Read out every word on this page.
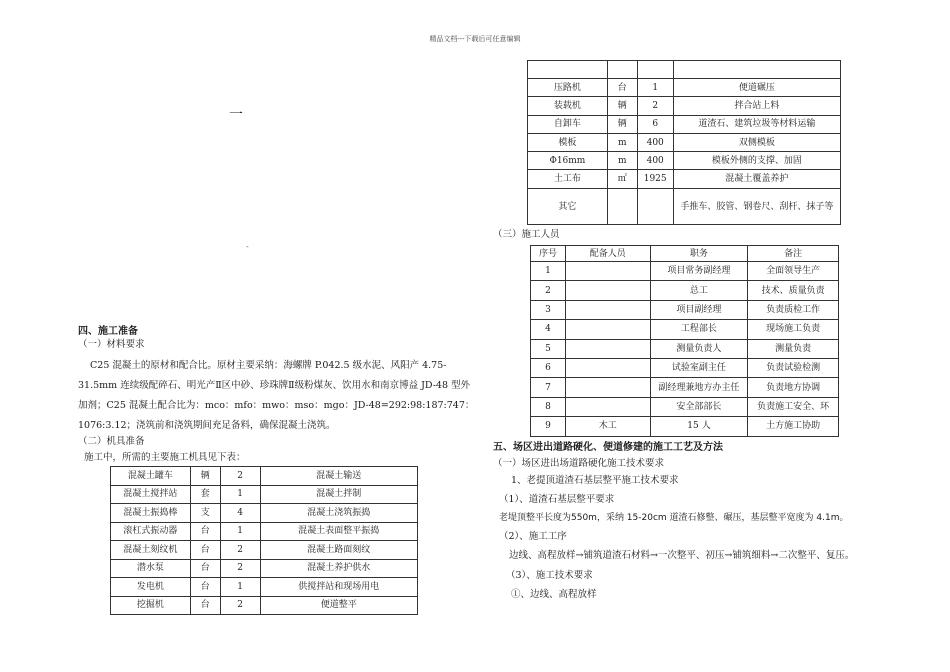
精品文档---下载后可任意编辑
一
-
四、施工准备
（一）材料要求
C25 混凝土的原材和配合比。原材主要采纳：海螺牌 P.042.5 级水泥、风阳产 4.75-
31.5mm 连续级配碎石、明光产Ⅱ区中砂、珍珠牌Ⅱ级粉煤灰、饮用水和南京博益 JD-48 型外
加剂；C25 混凝土配合比为：mco：mfo：mwo：mso：mgo：JD-48=292:98:187:747：
1076:3.12；浇筑前和浇筑期间充足备料，确保混凝土浇筑。
（二）机具准备
施工中，所需的主要施工机具见下表：
混凝土罐车	辆	2	混凝土输送
混凝土搅拌站	套	1	混凝土拌制
混凝土振捣棒	支	4	混凝土浇筑振捣
滚杠式振动器	台	1	混凝土表面整平振捣
混凝土刻纹机	台	2	混凝土路面刻纹
潜水泵	台	2	混凝土养护供水
发电机	台	1	供搅拌站和现场用电
挖掘机	台	2	便道整平

压路机	台	1	便道碾压
装载机	辆	2	拌合站上料
自卸车	辆	6	道渣石、建筑垃圾等材料运输
模板	m	400	双侧模板
Φ16mm	m	400	模板外侧的支撑、加固
土工布	㎡	1925	混凝土覆盖养护
其它			手推车、胶管、钢卷尺、刮杆、抹子等
（三）施工人员
序号	配备人员	职务	备注
1		项目常务副经理	全面领导生产
2		总工	技术、质量负责
3		项目副经理	负责质检工作
4		工程部长	现场施工负责
5		测量负责人	测量负责
6		试验室副主任	负责试验检测
7		副经理兼地方办主任	负责地方协调
8		安全部部长	负责施工安全、环
9	木工	15 人	土方施工协助
五、场区进出道路硬化、便道修建的施工工艺及方法
（一）场区进出场道路硬化施工技术要求
1、老提顶道渣石基层整平施工技术要求
（1）、道渣石基层整平要求
老堤顶整平长度为550m，采纳 15-20cm 道渣石修整、碾压，基层整平宽度为 4.1m。
（2）、施工工序
边线、高程放样→铺筑道渣石材料→一次整平、初压→铺筑细料→二次整平、复压。
（3）、施工技术要求
①、边线、高程放样
